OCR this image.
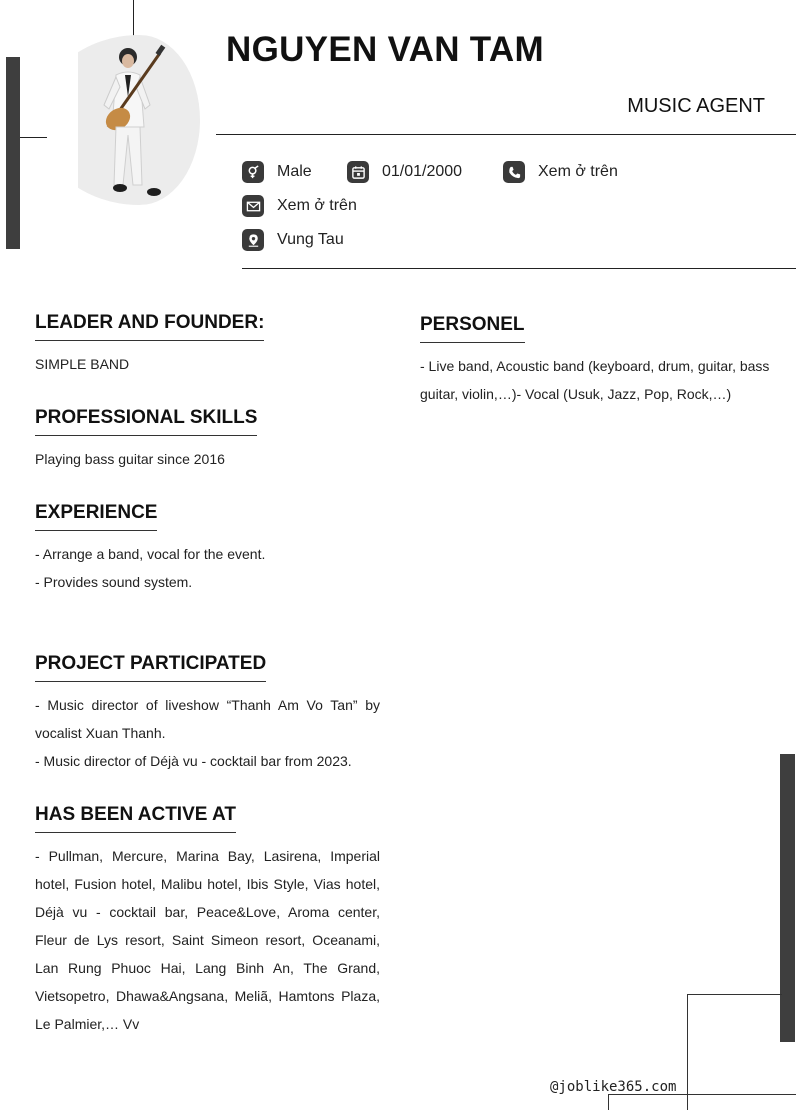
NGUYEN VAN TAM
MUSIC AGENT
Male	01/01/2000	Xem ở trên
Xem ở trên
Vung Tau
LEADER AND FOUNDER:
SIMPLE BAND
PROFESSIONAL SKILLS
Playing bass guitar since 2016
EXPERIENCE

- Arrange a band, vocal for the event.

- Provides sound system.

PROJECT PARTICIPATED

- Music director of liveshow “Thanh Am Vo Tan” by vocalist Xuan Thanh.

- Music director of Déjà vu - cocktail bar from 2023.

HAS BEEN ACTIVE AT
- Pullman, Mercure, Marina Bay, Lasirena, Imperial hotel, Fusion hotel, Malibu hotel, Ibis Style, Vias hotel, Déjà vu - cocktail bar, Peace&Love, Aroma center, Fleur de Lys resort, Saint Simeon resort, Oceanami, Lan Rung Phuoc Hai, Lang Binh An, The Grand, Vietsopetro, Dhawa&Angsana, Meliã, Hamtons Plaza, Le Palmier,… Vv
PERSONEL
- Live band, Acoustic band (keyboard, drum, guitar, bass guitar, violin,…)- Vocal (Usuk, Jazz, Pop, Rock,…)
@joblike365.com
